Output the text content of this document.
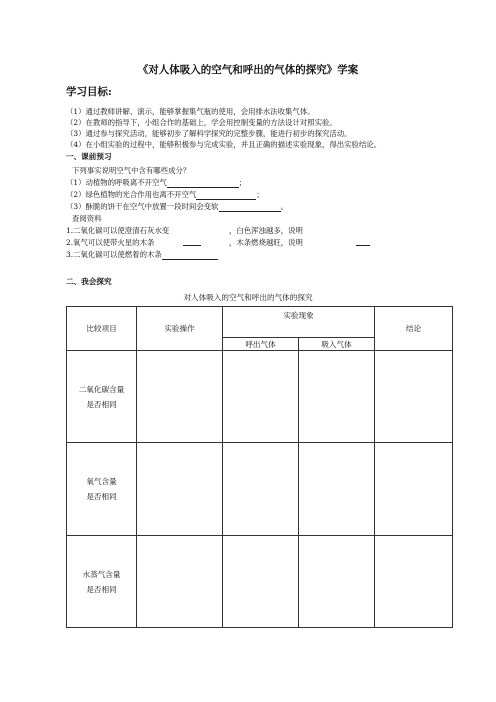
《对人体吸入的空气和呼出的气体的探究》学案
学习目标:
（1）通过教师讲解、演示，能够掌握集气瓶的使用，会用排水法收集气体。
（2）在教师的指导下，小组合作的基础上，学会用控制变量的方法设计对照实验。
（3）通过参与探究活动，能够初步了解科学探究的完整步骤，能进行初步的探究活动。
（4）在小组实验的过程中，能够积极参与完成实验，并且正确的描述实验现象，得出实验结论。
一、课前预习
下列事实说明空气中含有哪些成分？
（1）动植物的呼吸离不开空气	；
（2）绿色植物的光合作用也离不开空气	；
（3）酥脆的饼干在空气中放置一段时间会变软	。
查阅资料
1.二氧化碳可以使澄清石灰水变	，白色浑浊越多，说明
2.氧气可以使带火星的木条	，木条燃烧越旺，说明
3.二氧化碳可以使燃着的木条
二、我会探究
对人体吸入的空气和呼出的气体的探究
比较项目	实验操作	实验现象		结论
		呼出气体	吸入气体	

二氧化碳含量
是否相同				

氧气含量
是否相同				

水蒸气含量
是否相同				
